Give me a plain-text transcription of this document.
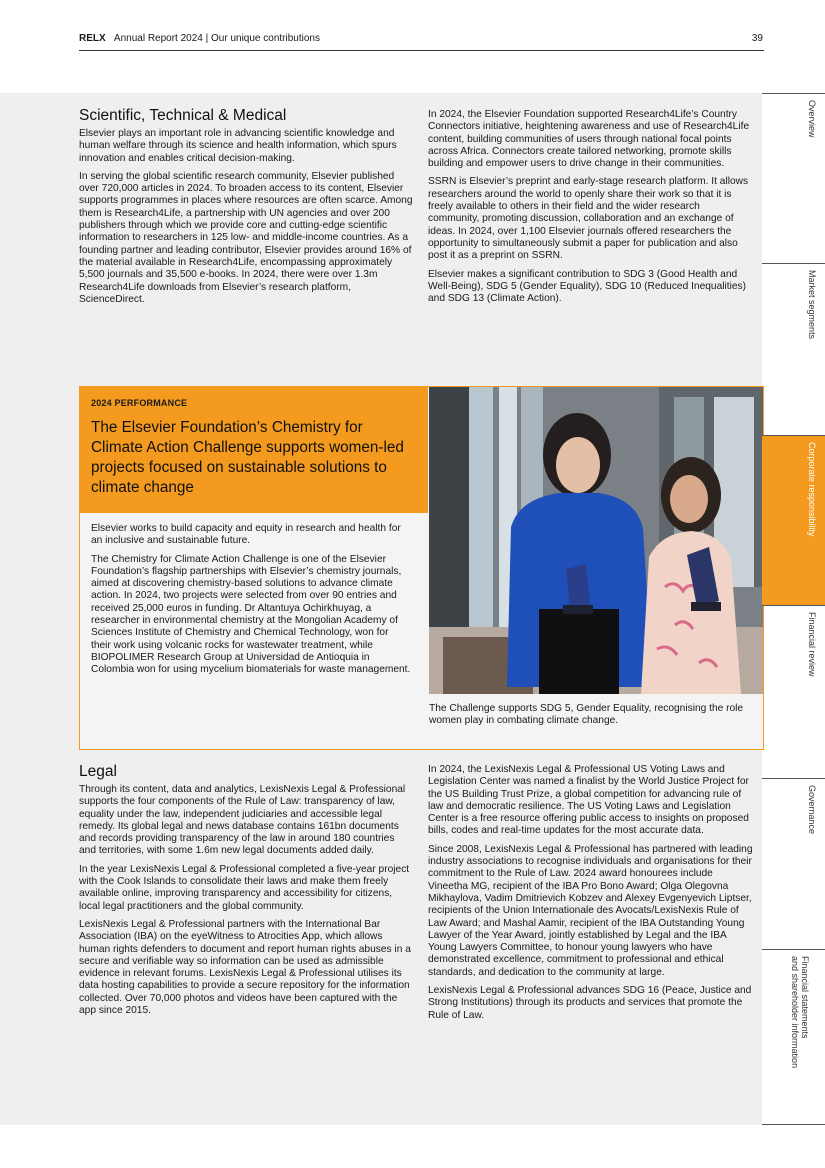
RELX Annual Report 2024 | Our unique contributions	39
Scientific, Technical & Medical

Elsevier plays an important role in advancing scientific knowledge and human welfare through its science and health information, which spurs innovation and enables critical decision-making.

In serving the global scientific research community, Elsevier published over 720,000 articles in 2024. To broaden access to its content, Elsevier supports programmes in places where resources are often scarce. Among them is Research4Life, a partnership with UN agencies and over 200 publishers through which we provide core and cutting-edge scientific information to researchers in 125 low- and middle-income countries. As a founding partner and leading contributor, Elsevier provides around 16% of the material available in Research4Life, encompassing approximately 5,500 journals and 35,500 e-books. In 2024, there were over 1.3m Research4Life downloads from Elsevier’s research platform, ScienceDirect.

In 2024, the Elsevier Foundation supported Research4Life’s Country Connectors initiative, heightening awareness and use of Research4Life content, building communities of users through national focal points across Africa. Connectors create tailored networking, promote skills building and empower users to drive change in their communities.

SSRN is Elsevier’s preprint and early-stage research platform. It allows researchers around the world to openly share their work so that it is freely available to others in their field and the wider research community, promoting discussion, collaboration and an exchange of ideas. In 2024, over 1,100 Elsevier journals offered researchers the opportunity to simultaneously submit a paper for publication and also post it as a preprint on SSRN.

Elsevier makes a significant contribution to SDG 3 (Good Health and Well-Being), SDG 5 (Gender Equality), SDG 10 (Reduced Inequalities) and SDG 13 (Climate Action).

2024 PERFORMANCE
The Elsevier Foundation’s Chemistry for Climate Action Challenge supports women-led projects focused on sustainable solutions to climate change

Elsevier works to build capacity and equity in research and health for an inclusive and sustainable future.

The Chemistry for Climate Action Challenge is one of the Elsevier Foundation’s flagship partnerships with Elsevier’s chemistry journals, aimed at discovering chemistry-based solutions to advance climate action. In 2024, two projects were selected from over 90 entries and received 25,000 euros in funding. Dr Altantuya Ochirkhuyag, a researcher in environmental chemistry at the Mongolian Academy of Sciences Institute of Chemistry and Chemical Technology, won for their work using volcanic rocks for wastewater treatment, while BIOPOLIMER Research Group at Universidad de Antioquia in Colombia won for using mycelium biomaterials for waste management.

The Challenge supports SDG 5, Gender Equality, recognising the role women play in combating climate change.
Legal

Through its content, data and analytics, LexisNexis Legal & Professional supports the four components of the Rule of Law: transparency of law, equality under the law, independent judiciaries and accessible legal remedy. Its global legal and news database contains 161bn documents and records providing transparency of the law in around 180 countries and territories, with some 1.6m new legal documents added daily.

In the year LexisNexis Legal & Professional completed a five-year project with the Cook Islands to consolidate their laws and make them freely available online, improving transparency and accessibility for citizens, local legal practitioners and the global community.

LexisNexis Legal & Professional partners with the International Bar Association (IBA) on the eyeWitness to Atrocities App, which allows human rights defenders to document and report human rights abuses in a secure and verifiable way so information can be used as admissible evidence in relevant forums. LexisNexis Legal & Professional utilises its data hosting capabilities to provide a secure repository for the information collected. Over 70,000 photos and videos have been captured with the app since 2015.

In 2024, the LexisNexis Legal & Professional US Voting Laws and Legislation Center was named a finalist by the World Justice Project for the US Building Trust Prize, a global competition for advancing rule of law and democratic resilience. The US Voting Laws and Legislation Center is a free resource offering public access to insights on proposed bills, codes and real-time updates for the most accurate data.

Since 2008, LexisNexis Legal & Professional has partnered with leading industry associations to recognise individuals and organisations for their commitment to the Rule of Law. 2024 award honourees include Vineetha MG, recipient of the IBA Pro Bono Award; Olga Olegovna Mikhaylova, Vadim Dmitrievich Kobzev and Alexey Evgenyevich Liptser, recipients of the Union Internationale des Avocats/LexisNexis Rule of Law Award; and Mashal Aamir, recipient of the IBA Outstanding Young Lawyer of the Year Award, jointly established by Legal and the IBA Young Lawyers Committee, to honour young lawyers who have demonstrated excellence, commitment to professional and ethical standards, and dedication to the community at large.

LexisNexis Legal & Professional advances SDG 16 (Peace, Justice and Strong Institutions) through its products and services that promote the Rule of Law.

Overview
Market segments
Corporate responsibility
Financial review
Governance
Financial statements
and shareholder information
